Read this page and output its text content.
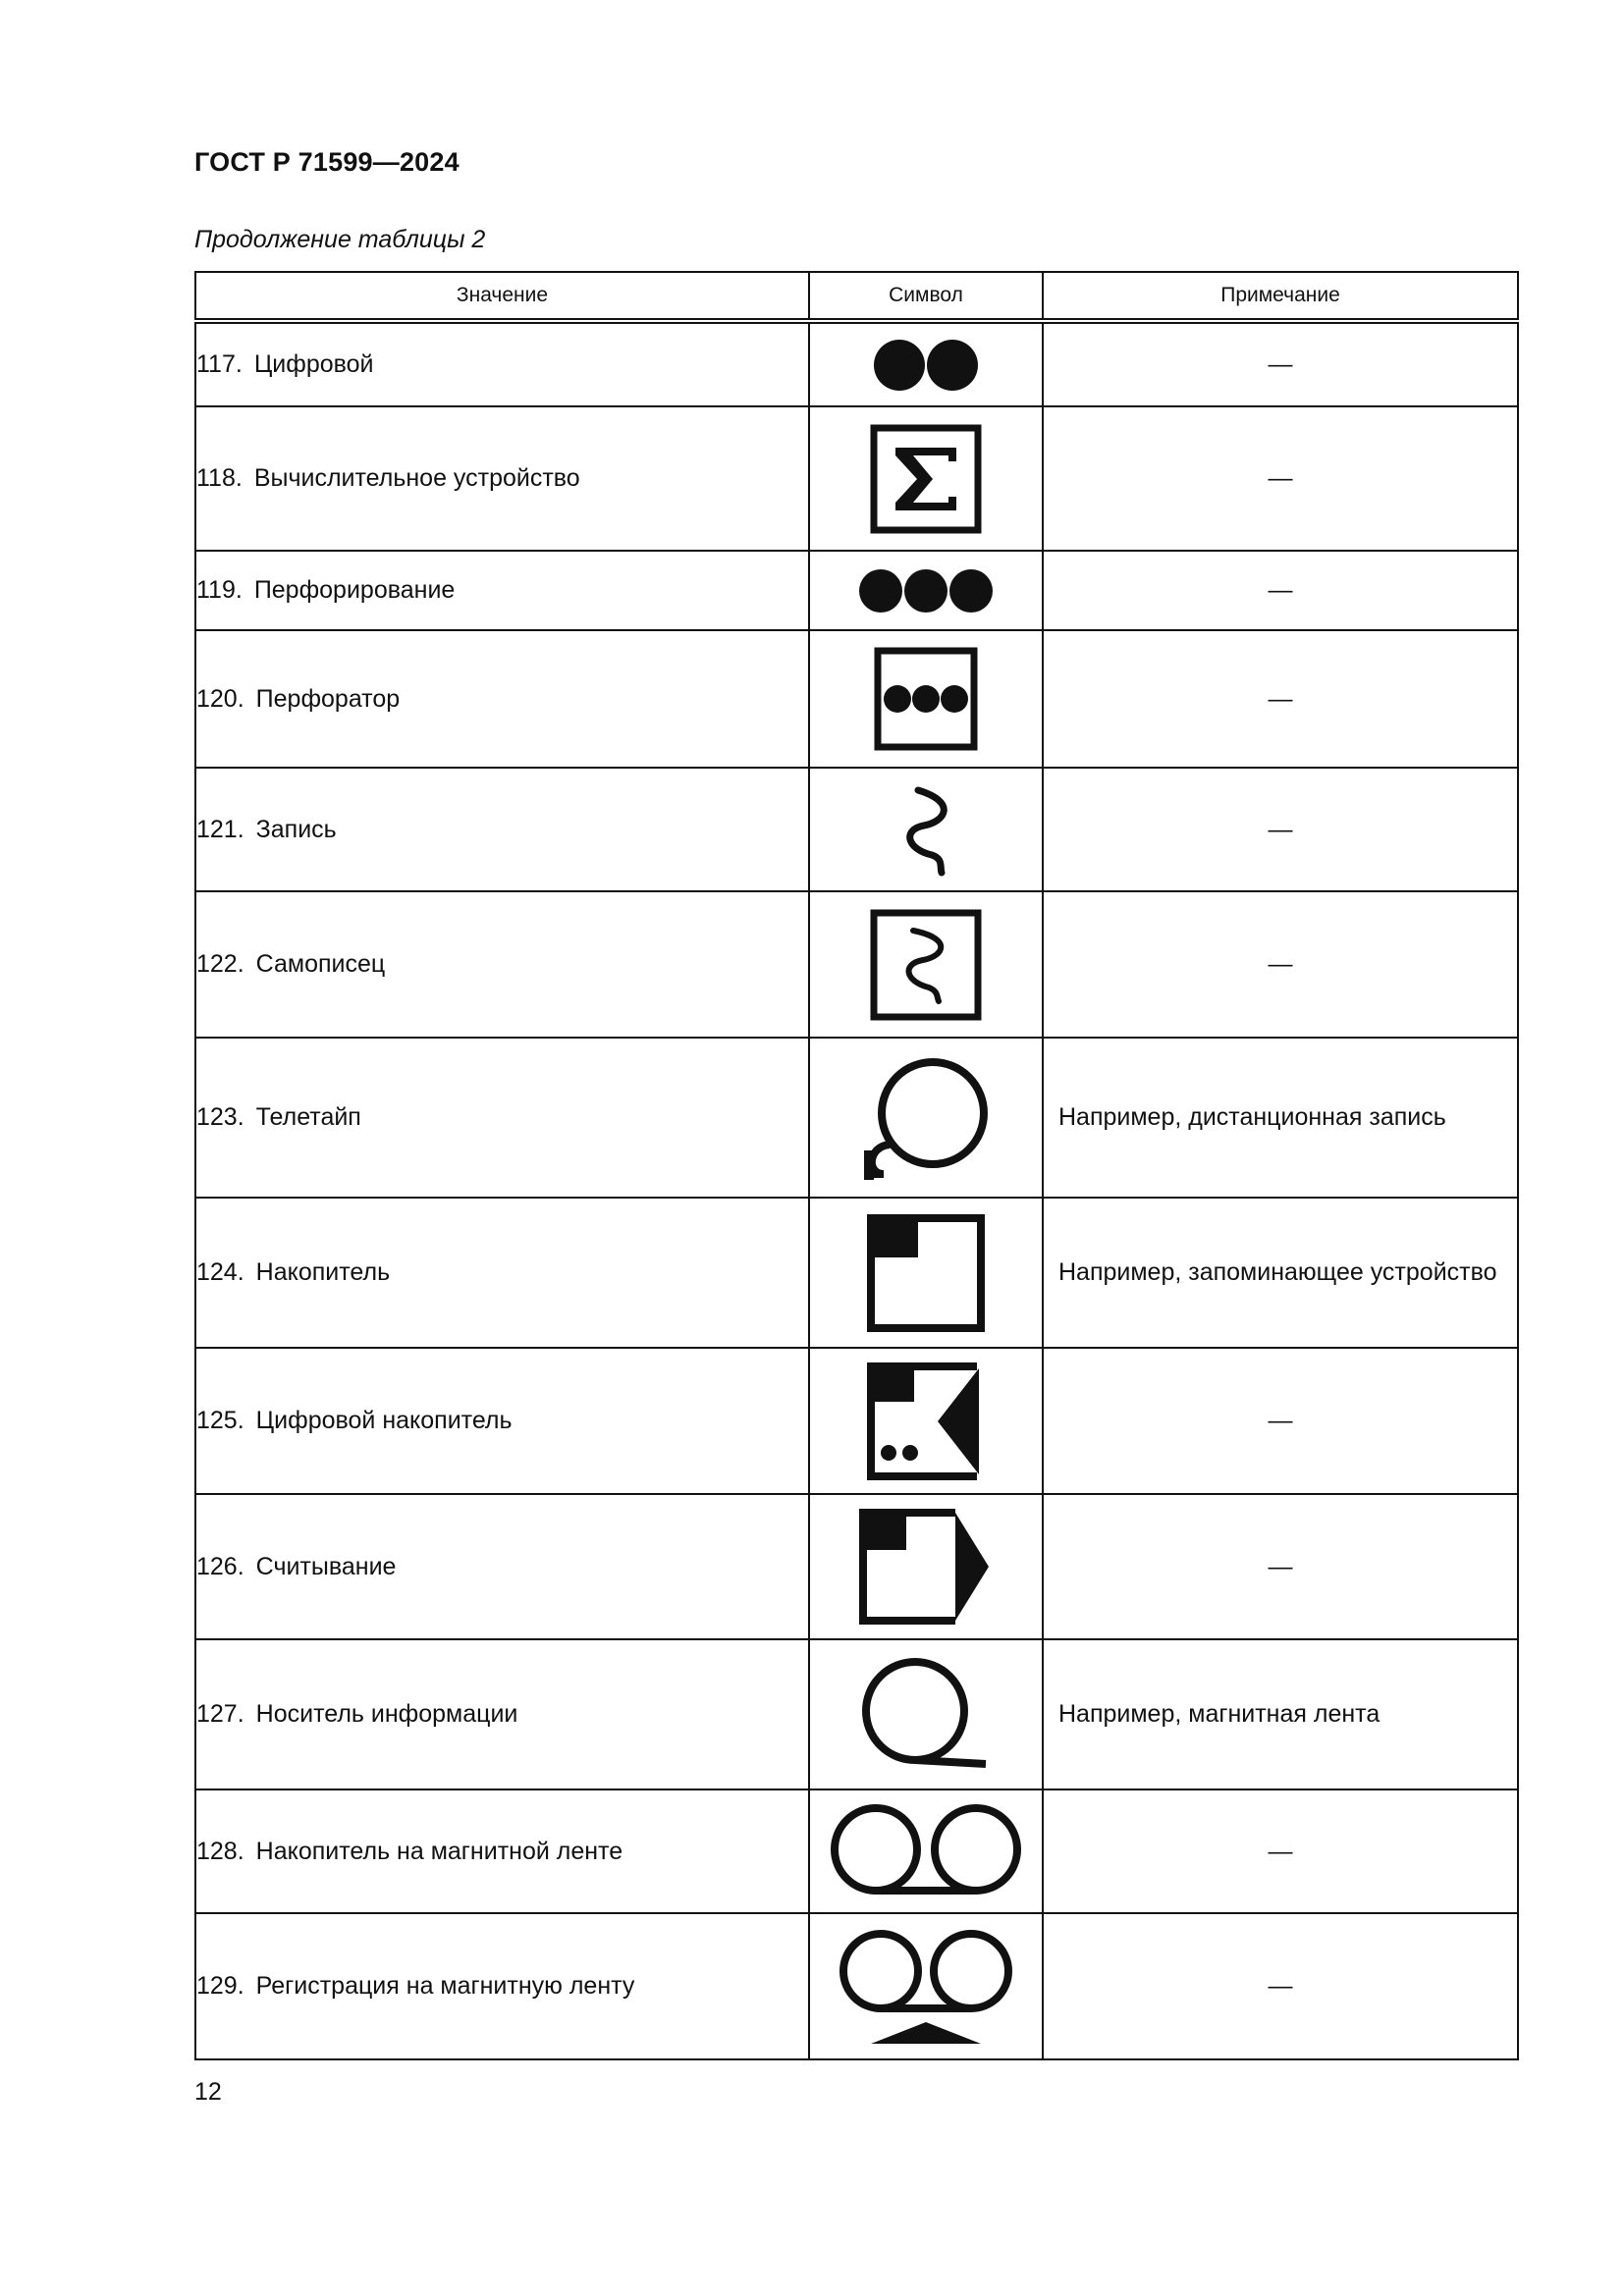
ГОСТ Р 71599—2024
Продолжение таблицы 2
Значение	Символ	Примечание
117. Цифровой		—
118. Вычислительное устройство		—
119. Перфорирование		—
120. Перфоратор		—
121. Запись		—
122. Самописец		—
123. Телетайп		Например, дистанционная запись
124. Накопитель		Например, запоминающее устройство
125. Цифровой накопитель		—
126. Считывание		—
127. Носитель информации		Например, магнитная лента
128. Накопитель на магнитной ленте		—
129. Регистрация на магнитную ленту		—
12
